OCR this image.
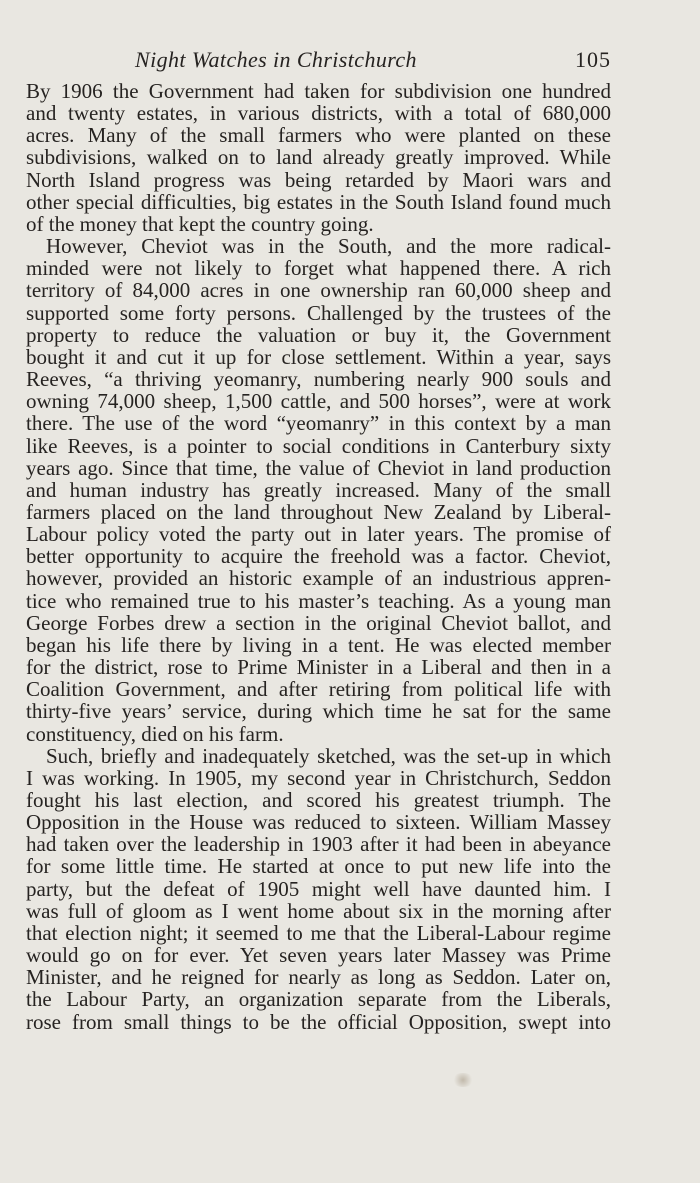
Night Watches in Christchurch	105

By 1906 the Government had taken for subdivision one hundred
and twenty estates, in various districts, with a total of 680,000
acres. Many of the small farmers who were planted on these
subdivisions, walked on to land already greatly improved. While
North Island progress was being retarded by Maori wars and
other special difficulties, big estates in the South Island found much
of the money that kept the country going.

However, Cheviot was in the South, and the more radical-
minded were not likely to forget what happened there. A rich
territory of 84,000 acres in one ownership ran 60,000 sheep and
supported some forty persons. Challenged by the trustees of the
property to reduce the valuation or buy it, the Government
bought it and cut it up for close settlement. Within a year, says
Reeves, “a thriving yeomanry, numbering nearly 900 souls and
owning 74,000 sheep, 1,500 cattle, and 500 horses”, were at work
there. The use of the word “yeomanry” in this context by a man
like Reeves, is a pointer to social conditions in Canterbury sixty
years ago. Since that time, the value of Cheviot in land production
and human industry has greatly increased. Many of the small
farmers placed on the land throughout New Zealand by Liberal-
Labour policy voted the party out in later years. The promise of
better opportunity to acquire the freehold was a factor. Cheviot,
however, provided an historic example of an industrious appren-
tice who remained true to his master’s teaching. As a young man
George Forbes drew a section in the original Cheviot ballot, and
began his life there by living in a tent. He was elected member
for the district, rose to Prime Minister in a Liberal and then in a
Coalition Government, and after retiring from political life with
thirty-five years’ service, during which time he sat for the same
constituency, died on his farm.

Such, briefly and inadequately sketched, was the set-up in which
I was working. In 1905, my second year in Christchurch, Seddon
fought his last election, and scored his greatest triumph. The
Opposition in the House was reduced to sixteen. William Massey
had taken over the leadership in 1903 after it had been in abeyance
for some little time. He started at once to put new life into the
party, but the defeat of 1905 might well have daunted him. I
was full of gloom as I went home about six in the morning after
that election night; it seemed to me that the Liberal-Labour regime
would go on for ever. Yet seven years later Massey was Prime
Minister, and he reigned for nearly as long as Seddon. Later on,
the Labour Party, an organization separate from the Liberals,
rose from small things to be the official Opposition, swept into
